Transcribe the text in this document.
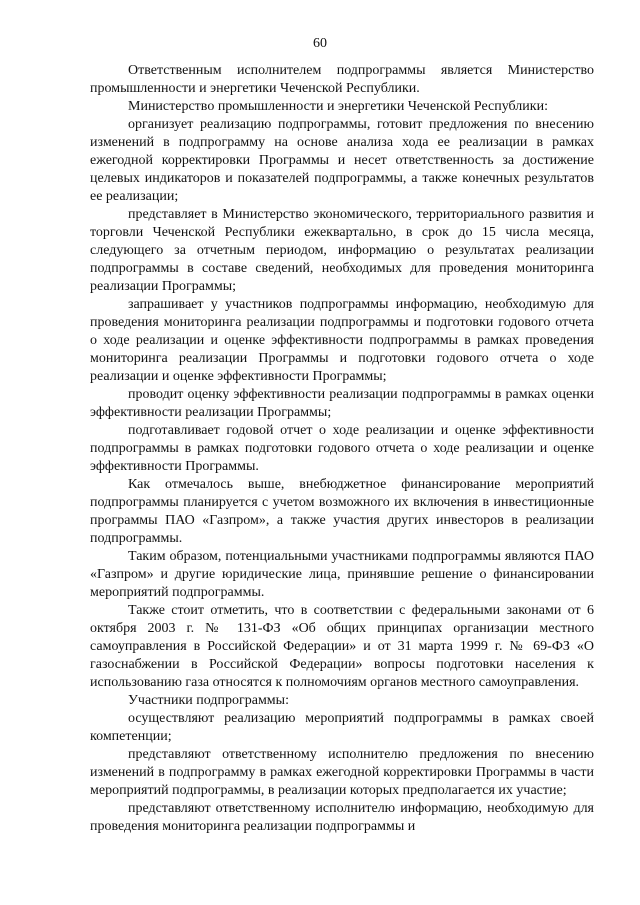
60

Ответственным исполнителем подпрограммы является Министерство промышленности и энергетики Чеченской Республики.

Министерство промышленности и энергетики Чеченской Республики:

организует реализацию подпрограммы, готовит предложения по внесению изменений в подпрограмму на основе анализа хода ее реализации в рамках ежегодной корректировки Программы и несет ответственность за достижение целевых индикаторов и показателей подпрограммы, а также конечных результатов ее реализации;

представляет в Министерство экономического, территориального развития и торговли Чеченской Республики ежеквартально, в срок до 15 числа месяца, следующего за отчетным периодом, информацию о результатах реализации подпрограммы в составе сведений, необходимых для проведения мониторинга реализации Программы;

запрашивает у участников подпрограммы информацию, необходимую для проведения мониторинга реализации подпрограммы и подготовки годового отчета о ходе реализации и оценке эффективности подпрограммы в рамках проведения мониторинга реализации Программы и подготовки годового отчета о ходе реализации и оценке эффективности Программы;

проводит оценку эффективности реализации подпрограммы в рамках оценки эффективности реализации Программы;

подготавливает годовой отчет о ходе реализации и оценке эффективности подпрограммы в рамках подготовки годового отчета о ходе реализации и оценке эффективности Программы.

Как отмечалось выше, внебюджетное финансирование мероприятий подпрограммы планируется с учетом возможного их включения в инвестиционные программы ПАО «Газпром», а также участия других инвесторов в реализации подпрограммы.

Таким образом, потенциальными участниками подпрограммы являются ПАО «Газпром» и другие юридические лица, принявшие решение о финансировании мероприятий подпрограммы.

Также стоит отметить, что в соответствии с федеральными законами от 6 октября 2003 г. № 131-ФЗ «Об общих принципах организации местного самоуправления в Российской Федерации» и от 31 марта 1999 г. № 69-ФЗ «О газоснабжении в Российской Федерации» вопросы подготовки населения к использованию газа относятся к полномочиям органов местного самоуправления.

Участники подпрограммы:

осуществляют реализацию мероприятий подпрограммы в рамках своей компетенции;

представляют ответственному исполнителю предложения по внесению изменений в подпрограмму в рамках ежегодной корректировки Программы в части мероприятий подпрограммы, в реализации которых предполагается их участие;

представляют ответственному исполнителю информацию, необходимую для проведения мониторинга реализации подпрограммы и
